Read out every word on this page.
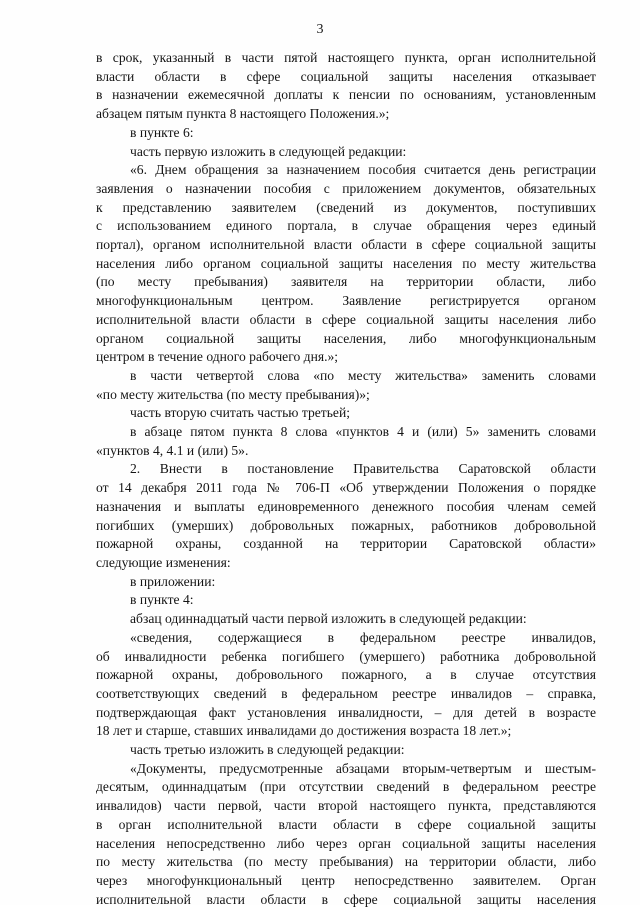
3

в срок, указанный в части пятой настоящего пункта, орган исполнительной

власти области в сфере социальной защиты населения отказывает

в назначении ежемесячной доплаты к пенсии по основаниям, установленным

абзацем пятым пункта 8 настоящего Положения.»;

в пункте 6:

часть первую изложить в следующей редакции:

«6. Днем обращения за назначением пособия считается день регистрации

заявления о назначении пособия с приложением документов, обязательных

к представлению заявителем (сведений из документов, поступивших

с использованием единого портала, в случае обращения через единый

портал), органом исполнительной власти области в сфере социальной защиты

населения либо органом социальной защиты населения по месту жительства

(по месту пребывания) заявителя на территории области, либо

многофункциональным центром. Заявление регистрируется органом

исполнительной власти области в сфере социальной защиты населения либо

органом социальной защиты населения, либо многофункциональным

центром в течение одного рабочего дня.»;

в части четвертой слова «по месту жительства» заменить словами

«по месту жительства (по месту пребывания)»;

часть вторую считать частью третьей;

в абзаце пятом пункта 8 слова «пунктов 4 и (или) 5» заменить словами

«пунктов 4, 4.1 и (или) 5».

2. Внести в постановление Правительства Саратовской области

от 14 декабря 2011 года № 706-П «Об утверждении Положения о порядке

назначения и выплаты единовременного денежного пособия членам семей

погибших (умерших) добровольных пожарных, работников добровольной

пожарной охраны, созданной на территории Саратовской области»

следующие изменения:

в приложении:

в пункте 4:

абзац одиннадцатый части первой изложить в следующей редакции:

«сведения, содержащиеся в федеральном реестре инвалидов,

об инвалидности ребенка погибшего (умершего) работника добровольной

пожарной охраны, добровольного пожарного, а в случае отсутствия

соответствующих сведений в федеральном реестре инвалидов – справка,

подтверждающая факт установления инвалидности, – для детей в возрасте

18 лет и старше, ставших инвалидами до достижения возраста 18 лет.»;

часть третью изложить в следующей редакции:

«Документы, предусмотренные абзацами вторым-четвертым и шестым-

десятым, одиннадцатым (при отсутствии сведений в федеральном реестре

инвалидов) части первой, части второй настоящего пункта, представляются

в орган исполнительной власти области в сфере социальной защиты

населения непосредственно либо через орган социальной защиты населения

по месту жительства (по месту пребывания) на территории области, либо

через многофункциональный центр непосредственно заявителем. Орган

исполнительной власти области в сфере социальной защиты населения
